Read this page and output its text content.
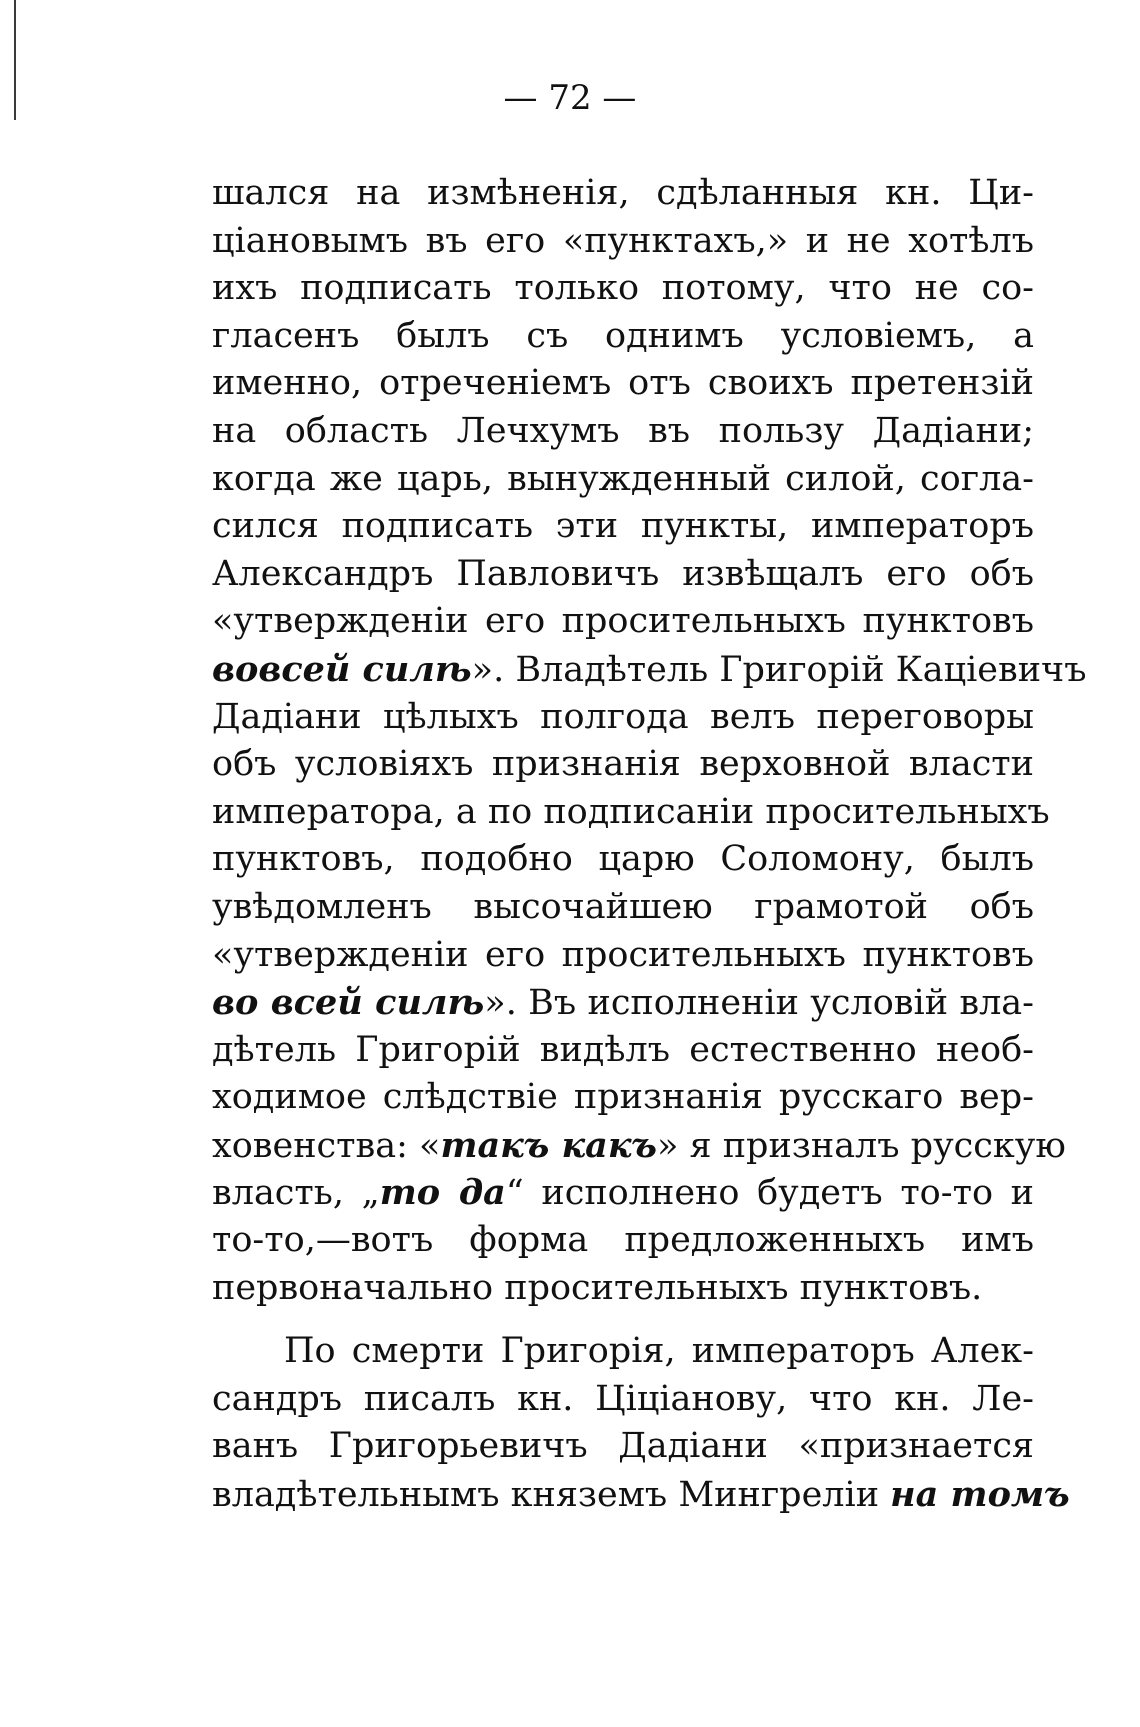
— 72 —
шался на измѣненія, сдѣланныя кн. Ци-
ціановымъ въ его «пунктахъ,» и не хотѣлъ
ихъ подписать только потому, что не со-
гласенъ былъ съ однимъ условіемъ, а
именно, отреченіемъ отъ своихъ претензій
на область Лечхумъ въ пользу Дадіани;
когда же царь, вынужденный силой, согла-
сился подписать эти пункты, императоръ
Александръ Павловичъ извѣщалъ его объ
«утвержденіи его просительныхъ пунктовъ
вовсей силѣ». Владѣтель Григорій Каціевичъ
Дадіани цѣлыхъ полгода велъ переговоры
объ условіяхъ признанія верховной власти
императора, а по подписаніи просительныхъ
пунктовъ, подобно царю Соломону, былъ
увѣдомленъ высочайшею грамотой объ
«утвержденіи его просительныхъ пунктовъ
во всей силѣ». Въ исполненіи условій вла-
дѣтель Григорій видѣлъ естественно необ-
ходимое слѣдствіе признанія русскаго вер-
ховенства: «такъ какъ» я призналъ русскую
власть, „то да“ исполнено будетъ то-то и
то-то,—вотъ форма предложенныхъ имъ
первоначально просительныхъ пунктовъ.
По смерти Григорія, императоръ Алек-
сандръ писалъ кн. Ціціанову, что кн. Ле-
ванъ Григорьевичъ Дадіани «признается
владѣтельнымъ княземъ Мингреліи на томъ
